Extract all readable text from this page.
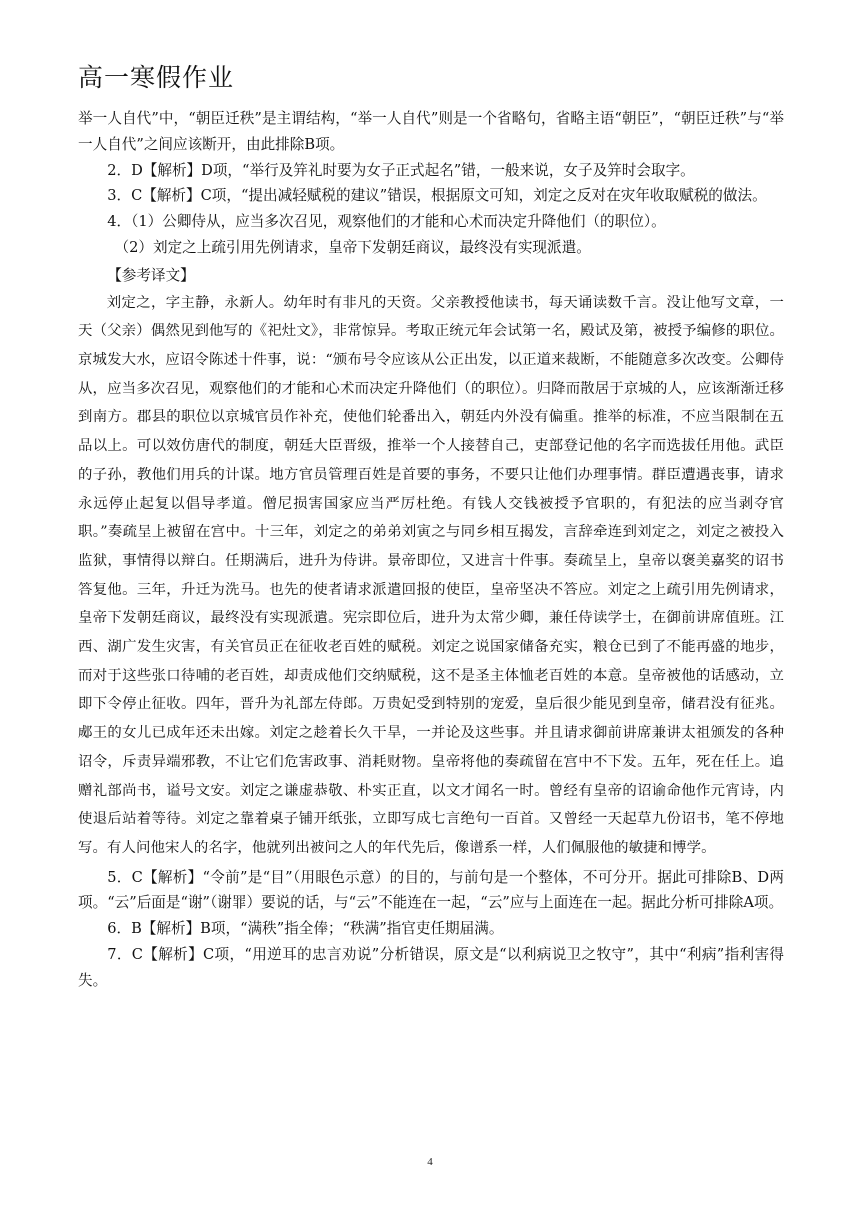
高一寒假作业

举一人自代”中，“朝臣迁秩”是主谓结构，“举一人自代”则是一个省略句，省略主语“朝臣”，“朝臣迁秩”与“举一人自代”之间应该断开，由此排除B项。

2．D【解析】D项，“举行及笄礼时要为女子正式起名”错，一般来说，女子及笄时会取字。

3．C【解析】C项，“提出减轻赋税的建议”错误，根据原文可知，刘定之反对在灾年收取赋税的做法。

4．（1）公卿侍从，应当多次召见，观察他们的才能和心术而决定升降他们（的职位）。

（2）刘定之上疏引用先例请求，皇帝下发朝廷商议，最终没有实现派遣。

【参考译文】

刘定之，字主静，永新人。幼年时有非凡的天资。父亲教授他读书，每天诵读数千言。没让他写文章，一天（父亲）偶然见到他写的《祀灶文》，非常惊异。考取正统元年会试第一名，殿试及第，被授予编修的职位。京城发大水，应诏令陈述十件事，说：“颁布号令应该从公正出发，以正道来裁断，不能随意多次改变。公卿侍从，应当多次召见，观察他们的才能和心术而决定升降他们（的职位）。归降而散居于京城的人，应该渐渐迁移到南方。郡县的职位以京城官员作补充，使他们轮番出入，朝廷内外没有偏重。推举的标准，不应当限制在五品以上。可以效仿唐代的制度，朝廷大臣晋级，推举一个人接替自己，吏部登记他的名字而选拔任用他。武臣的子孙，教他们用兵的计谋。地方官员管理百姓是首要的事务，不要只让他们办理事情。群臣遭遇丧事，请求永远停止起复以倡导孝道。僧尼损害国家应当严厉杜绝。有钱人交钱被授予官职的，有犯法的应当剥夺官职。”奏疏呈上被留在宫中。十三年，刘定之的弟弟刘寅之与同乡相互揭发，言辞牵连到刘定之，刘定之被投入监狱，事情得以辩白。任期满后，进升为侍讲。景帝即位，又进言十件事。奏疏呈上，皇帝以褒美嘉奖的诏书答复他。三年，升迁为洗马。也先的使者请求派遣回报的使臣，皇帝坚决不答应。刘定之上疏引用先例请求，皇帝下发朝廷商议，最终没有实现派遣。宪宗即位后，进升为太常少卿，兼任侍读学士，在御前讲席值班。江西、湖广发生灾害，有关官员正在征收老百姓的赋税。刘定之说国家储备充实，粮仓已到了不能再盛的地步，而对于这些张口待哺的老百姓，却责成他们交纳赋税，这不是圣主体恤老百姓的本意。皇帝被他的话感动，立即下令停止征收。四年，晋升为礼部左侍郎。万贵妃受到特别的宠爱，皇后很少能见到皇帝，储君没有征兆。郕王的女儿已成年还未出嫁。刘定之趁着长久干旱，一并论及这些事。并且请求御前讲席兼讲太祖颁发的各种诏令，斥责异端邪教，不让它们危害政事、消耗财物。皇帝将他的奏疏留在宫中不下发。五年，死在任上。追赠礼部尚书，谥号文安。刘定之谦虚恭敬、朴实正直，以文才闻名一时。曾经有皇帝的诏谕命他作元宵诗，内使退后站着等待。刘定之靠着桌子铺开纸张，立即写成七言绝句一百首。又曾经一天起草九份诏书，笔不停地写。有人问他宋人的名字，他就列出被问之人的年代先后，像谱系一样，人们佩服他的敏捷和博学。

5．C【解析】“令前”是“目”（用眼色示意）的目的，与前句是一个整体，不可分开。据此可排除B、D两项。“云”后面是“谢”（谢罪）要说的话，与“云”不能连在一起，“云”应与上面连在一起。据此分析可排除A项。

6．B【解析】B项，“满秩”指全俸；“秩满”指官吏任期届满。

7．C【解析】C项，“用逆耳的忠言劝说”分析错误，原文是“以利病说卫之牧守”，其中“利病”指利害得失。

4
